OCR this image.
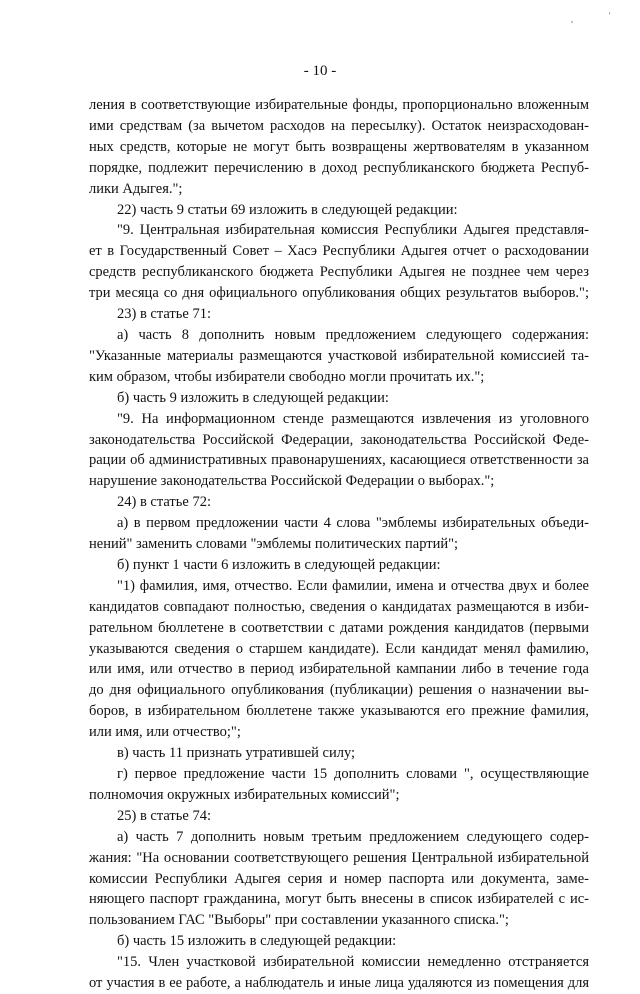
,	'
- 10 -
ления в соответствующие избирательные фонды, пропорционально вложенным
ими средствам (за вычетом расходов на пересылку). Остаток неизрасходован-
ных средств, которые не могут быть возвращены жертвователям в указанном
порядке, подлежит перечислению в доход республиканского бюджета Респуб-
лики Адыгея.";
22) часть 9 статьи 69 изложить в следующей редакции:
"9. Центральная избирательная комиссия Республики Адыгея представля-
ет в Государственный Совет – Хасэ Республики Адыгея отчет о расходовании
средств республиканского бюджета Республики Адыгея не позднее чем через
три месяца со дня официального опубликования общих результатов выборов.";
23) в статье 71:
а) часть 8 дополнить новым предложением следующего содержания:
"Указанные материалы размещаются участковой избирательной комиссией та-
ким образом, чтобы избиратели свободно могли прочитать их.";
б) часть 9 изложить в следующей редакции:
"9. На информационном стенде размещаются извлечения из уголовного
законодательства Российской Федерации, законодательства Российской Феде-
рации об административных правонарушениях, касающиеся ответственности за
нарушение законодательства Российской Федерации о выборах.";
24) в статье 72:
а) в первом предложении части 4 слова "эмблемы избирательных объеди-
нений" заменить словами "эмблемы политических партий";
б) пункт 1 части 6 изложить в следующей редакции:
"1) фамилия, имя, отчество. Если фамилии, имена и отчества двух и более
кандидатов совпадают полностью, сведения о кандидатах размещаются в изби-
рательном бюллетене в соответствии с датами рождения кандидатов (первыми
указываются сведения о старшем кандидате). Если кандидат менял фамилию,
или имя, или отчество в период избирательной кампании либо в течение года
до дня официального опубликования (публикации) решения о назначении вы-
боров, в избирательном бюллетене также указываются его прежние фамилия,
или имя, или отчество;";
в) часть 11 признать утратившей силу;
г) первое предложение части 15 дополнить словами ", осуществляющие
полномочия окружных избирательных комиссий";
25) в статье 74:
а) часть 7 дополнить новым третьим предложением следующего содер-
жания: "На основании соответствующего решения Центральной избирательной
комиссии Республики Адыгея серия и номер паспорта или документа, заме-
няющего паспорт гражданина, могут быть внесены в список избирателей с ис-
пользованием ГАС "Выборы" при составлении указанного списка.";
б) часть 15 изложить в следующей редакции:
"15. Член участковой избирательной комиссии немедленно отстраняется
от участия в ее работе, а наблюдатель и иные лица удаляются из помещения для
